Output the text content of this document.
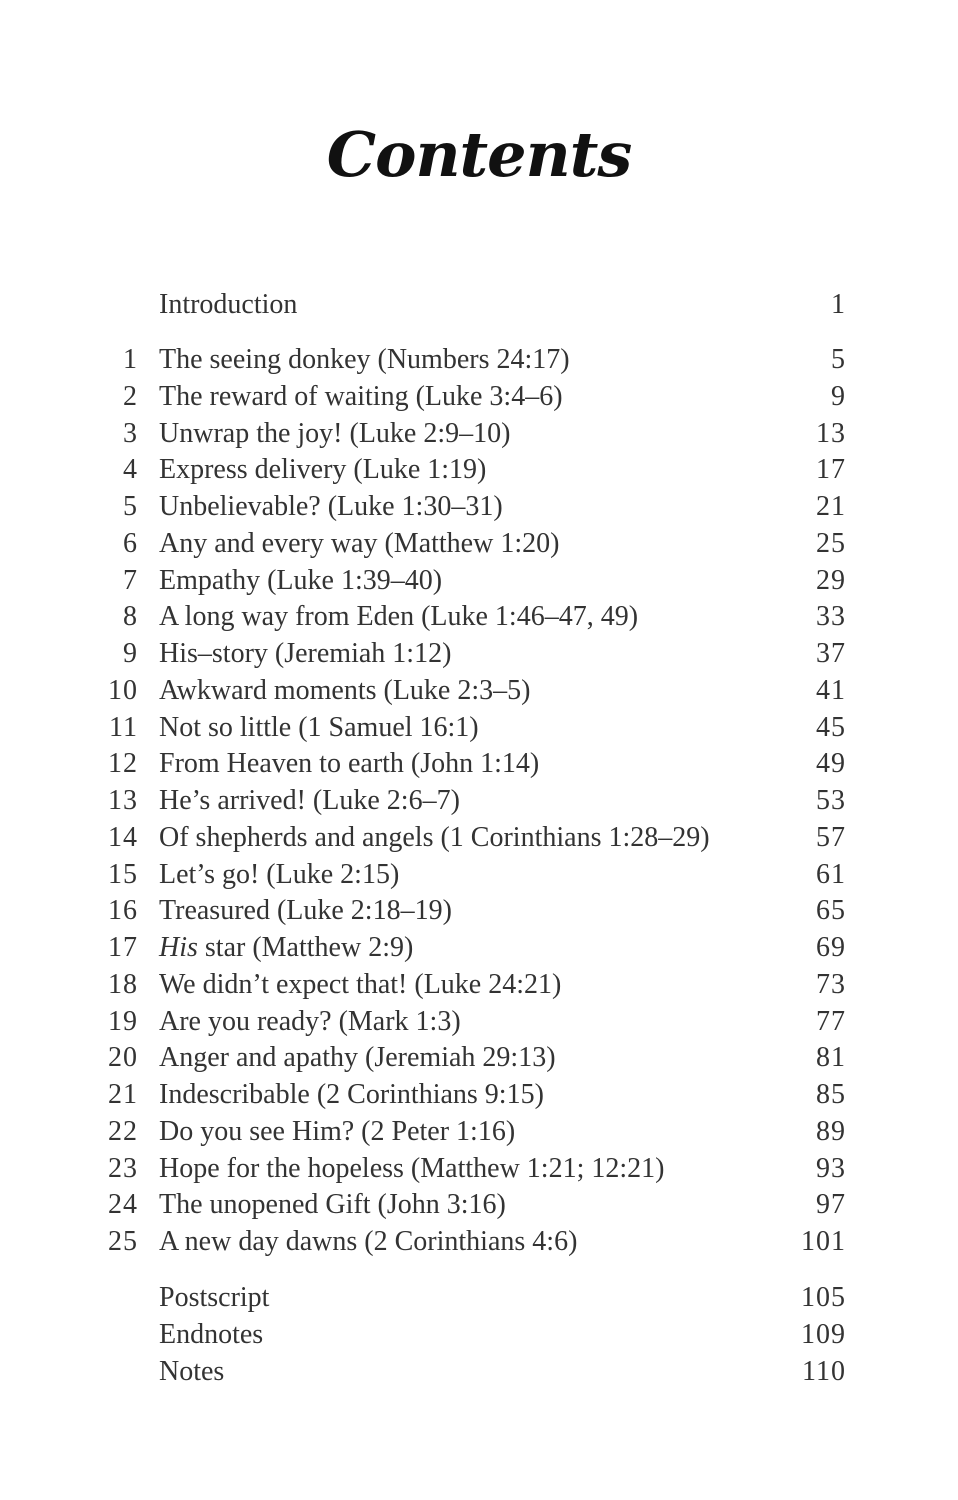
Contents
Introduction	1
1 The seeing donkey (Numbers 24:17)	5
2 The reward of waiting (Luke 3:4–6)	9
3 Unwrap the joy! (Luke 2:9–10)	13
4 Express delivery (Luke 1:19)	17
5 Unbelievable? (Luke 1:30–31)	21
6 Any and every way (Matthew 1:20)	25
7 Empathy (Luke 1:39–40)	29
8 A long way from Eden (Luke 1:46–47, 49)	33
9 His–story (Jeremiah 1:12)	37
10 Awkward moments (Luke 2:3–5)	41
11 Not so little (1 Samuel 16:1)	45
12 From Heaven to earth (John 1:14)	49
13 He’s arrived! (Luke 2:6–7)	53
14 Of shepherds and angels (1 Corinthians 1:28–29)	57
15 Let’s go! (Luke 2:15)	61
16 Treasured (Luke 2:18–19)	65
17 His star (Matthew 2:9)	69
18 We didn’t expect that! (Luke 24:21)	73
19 Are you ready? (Mark 1:3)	77
20 Anger and apathy (Jeremiah 29:13)	81
21 Indescribable (2 Corinthians 9:15)	85
22 Do you see Him? (2 Peter 1:16)	89
23 Hope for the hopeless (Matthew 1:21; 12:21)	93
24 The unopened Gift (John 3:16)	97
25 A new day dawns (2 Corinthians 4:6)	101
Postscript	105
Endnotes	109
Notes	110
